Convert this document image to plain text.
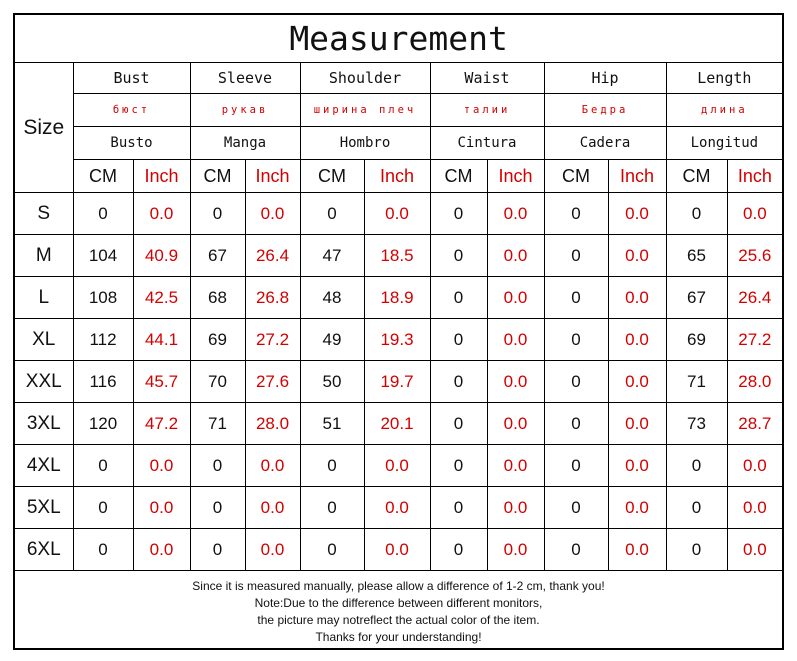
Measurement												
Size	Bust		Sleeve		Shoulder		Waist		Hip		Length	
	бюст		рукав		ширина плеч		талии		Бедра		длина	
	Busto		Manga		Hombro		Cintura		Cadera		Longitud	
	CM	Inch	CM	Inch	CM	Inch	CM	Inch	CM	Inch	CM	Inch
S	0	0.0	0	0.0	0	0.0	0	0.0	0	0.0	0	0.0
M	104	40.9	67	26.4	47	18.5	0	0.0	0	0.0	65	25.6
L	108	42.5	68	26.8	48	18.9	0	0.0	0	0.0	67	26.4
XL	112	44.1	69	27.2	49	19.3	0	0.0	0	0.0	69	27.2
XXL	116	45.7	70	27.6	50	19.7	0	0.0	0	0.0	71	28.0
3XL	120	47.2	71	28.0	51	20.1	0	0.0	0	0.0	73	28.7
4XL	0	0.0	0	0.0	0	0.0	0	0.0	0	0.0	0	0.0
5XL	0	0.0	0	0.0	0	0.0	0	0.0	0	0.0	0	0.0
6XL	0	0.0	0	0.0	0	0.0	0	0.0	0	0.0	0	0.0
Since it is measured manually, please allow a difference of 1-2 cm, thank you!
Note:Due to the difference between different monitors,
the picture may notreflect the actual color of the item.
Thanks for your understanding!
